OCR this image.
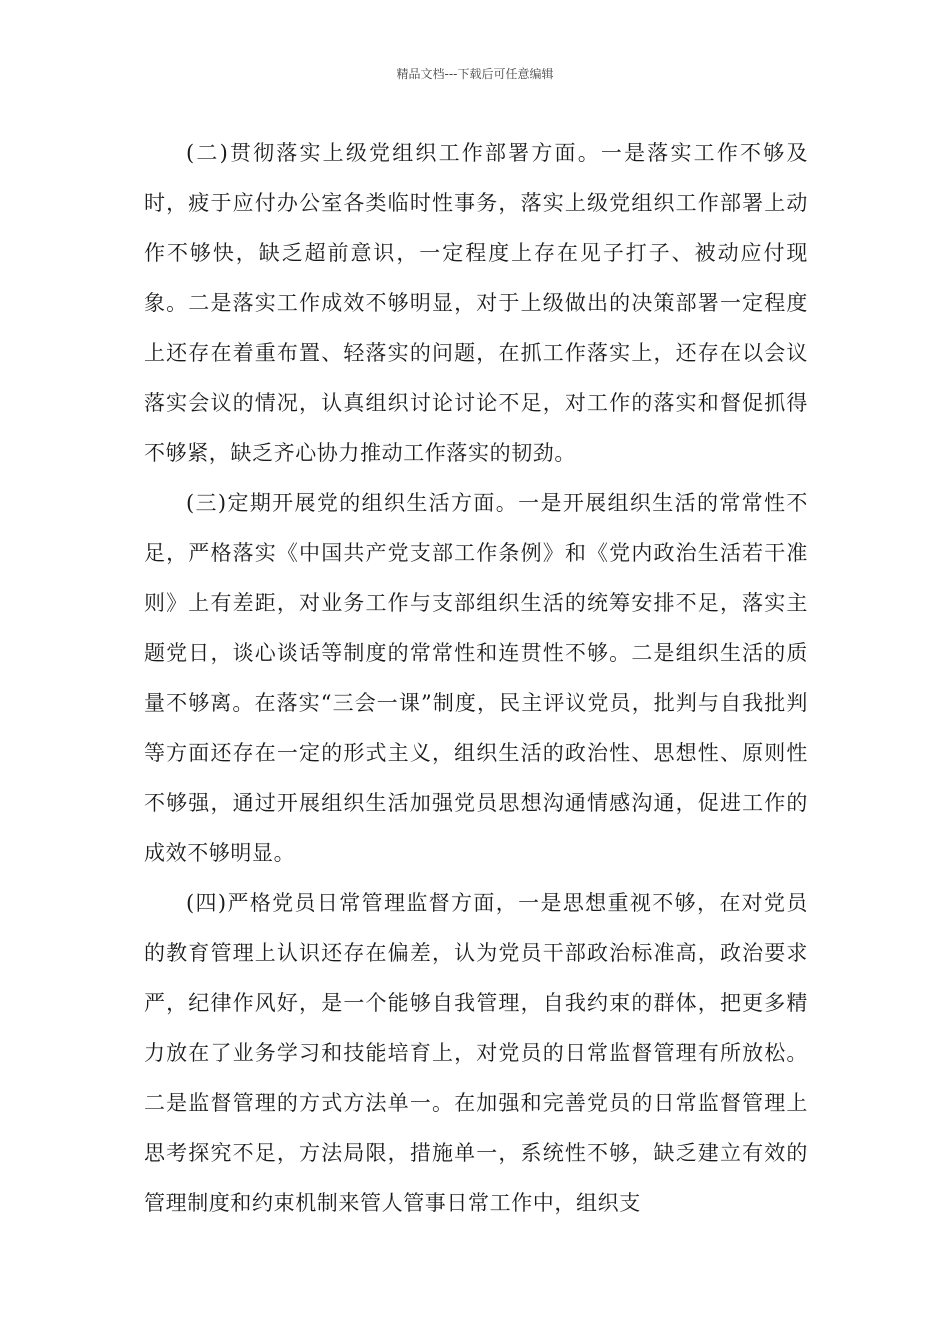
精品文档---下载后可任意编辑

(二)贯彻落实上级党组织工作部署方面。一是落实工作不够及时，疲于应付办公室各类临时性事务，落实上级党组织工作部署上动作不够快，缺乏超前意识，一定程度上存在见子打子、被动应付现象。二是落实工作成效不够明显，对于上级做出的决策部署一定程度上还存在着重布置、轻落实的问题，在抓工作落实上，还存在以会议落实会议的情况，认真组织讨论讨论不足，对工作的落实和督促抓得不够紧，缺乏齐心协力推动工作落实的韧劲。

(三)定期开展党的组织生活方面。一是开展组织生活的常常性不足，严格落实《中国共产党支部工作条例》和《党内政治生活若干准则》上有差距，对业务工作与支部组织生活的统筹安排不足，落实主题党日，谈心谈话等制度的常常性和连贯性不够。二是组织生活的质量不够离。在落实“三会一课”制度，民主评议党员，批判与自我批判等方面还存在一定的形式主义，组织生活的政治性、思想性、原则性不够强，通过开展组织生活加强党员思想沟通情感沟通，促进工作的成效不够明显。

(四)严格党员日常管理监督方面，一是思想重视不够，在对党员的教育管理上认识还存在偏差，认为党员干部政治标准高，政治要求严，纪律作风好，是一个能够自我管理，自我约束的群体，把更多精力放在了业务学习和技能培育上，对党员的日常监督管理有所放松。二是监督管理的方式方法单一。在加强和完善党员的日常监督管理上思考探究不足，方法局限，措施单一，系统性不够，缺乏建立有效的管理制度和约束机制来管人管事日常工作中，组织支
